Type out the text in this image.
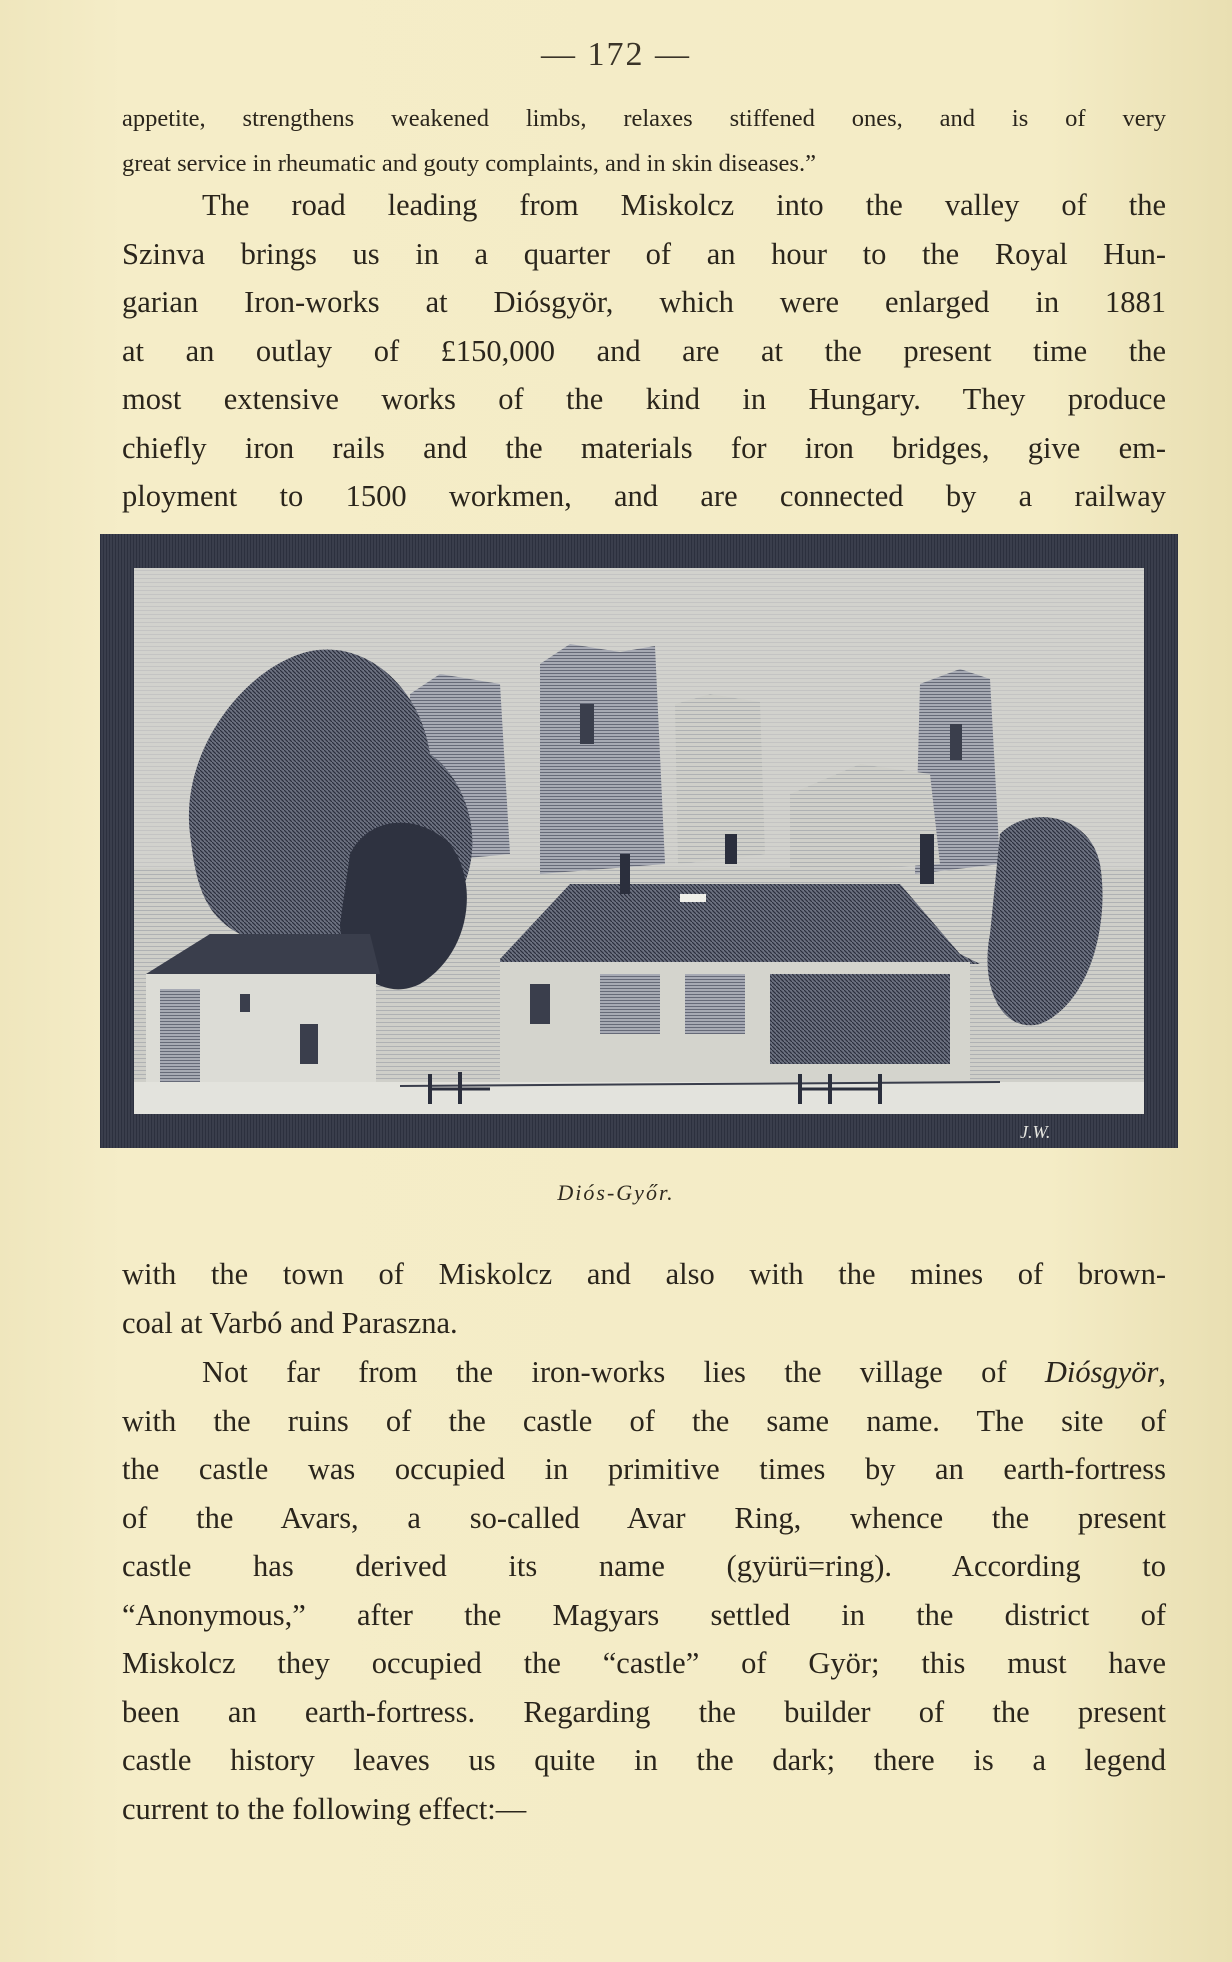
— 172 —

appetite, strengthens weakened limbs, relaxes stiffened ones, and is of very
great service in rheumatic and gouty complaints, and in skin diseases.”

The road leading from Miskolcz into the valley of the
Szinva brings us in a quarter of an hour to the Royal Hun-
garian Iron-works at Diósgyör, which were enlarged in 1881
at an outlay of £150,000 and are at the present time the
most extensive works of the kind in Hungary. They produce
chiefly iron rails and the materials for iron bridges, give em-
ployment to 1500 workmen, and are connected by a railway

J.W.
Diós-Győr.

with the town of Miskolcz and also with the mines of brown-
coal at Varbó and Paraszna.

Not far from the iron-works lies the village of Diósgyör,
with the ruins of the castle of the same name. The site of
the castle was occupied in primitive times by an earth-fortress
of the Avars, a so-called Avar Ring, whence the present
castle has derived its name (gyürü=ring). According to
“Anonymous,” after the Magyars settled in the district of
Miskolcz they occupied the “castle” of Györ; this must have
been an earth-fortress. Regarding the builder of the present
castle history leaves us quite in the dark; there is a legend
current to the following effect:—
